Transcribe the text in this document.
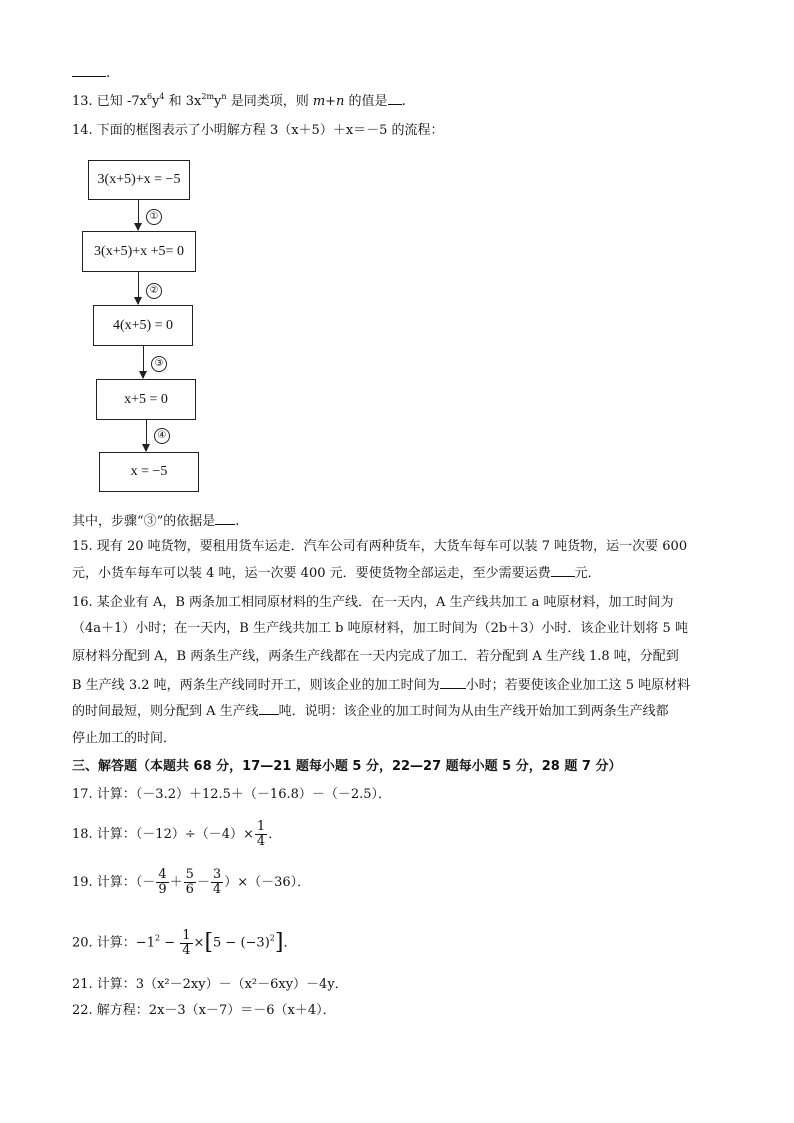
.
13. 已知 $-7x^6y^4$ 和 $3x^{2m}y^n$ 是同类项，则 m+n 的值是 .
14. 下面的框图表示了小明解方程 3（x＋5）＋x＝－5 的流程：
3(x+5)+x = −5
①
3(x+5)+x +5= 0
②
4(x+5) = 0
③
x+5 = 0
④
x = −5
其中，步骤“③”的依据是 .
15. 现有 20 吨货物，要租用货车运走．汽车公司有两种货车，大货车每车可以装 7 吨货物，运一次要 600
元，小货车每车可以装 4 吨，运一次要 400 元．要使货物全部运走，至少需要运费 元．
16. 某企业有 A，B 两条加工相同原材料的生产线．在一天内，A 生产线共加工 a 吨原材料，加工时间为
（4a＋1）小时；在一天内，B 生产线共加工 b 吨原材料，加工时间为（2b＋3）小时．该企业计划将 5 吨
原材料分配到 A，B 两条生产线，两条生产线都在一天内完成了加工．若分配到 A 生产线 1.8 吨，分配到
B 生产线 3.2 吨，两条生产线同时开工，则该企业的加工时间为 小时；若要使该企业加工这 5 吨原材料
的时间最短，则分配到 A 生产线 吨．说明：该企业的加工时间为从由生产线开始加工到两条生产线都
停止加工的时间．
三、解答题（本题共 68 分，17—21 题每小题 5 分，22—27 题每小题 5 分，28 题 7 分）
17. 计算：（－3.2）＋12.5＋（－16.8）－（－2.5）．
18. 计算：$(-12)\div(-4)\times \frac{1}{4}$ ．
19. 计算：（－ $\frac{4}{9} + \frac{5}{6} - \frac{3}{4} )\times(-36)$．
20. 计算：$-1^2 - \frac{1}{4} \times[5 - (-3)^2]$．
21. 计算：3（x²－2xy）－（x²－6xy）－4y．
22. 解方程：2x－3（x－7）＝－6（x＋4）．
